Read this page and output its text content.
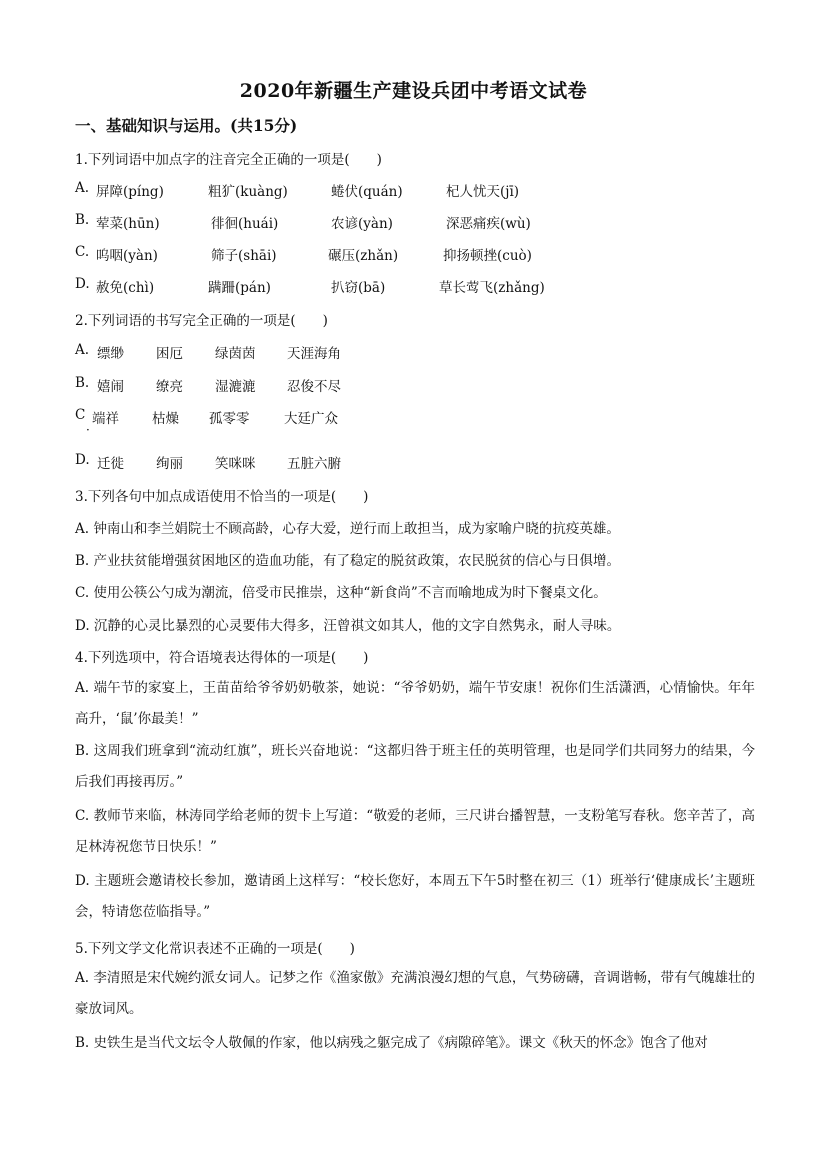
2020年新疆生产建设兵团中考语文试卷
一、基础知识与运用。(共15分)
1.下列词语中加点字的注音完全正确的一项是(　　)
A. 屏障(píng)	粗犷(kuàng)	蜷伏(quán)	杞人忧天(jī)
B. 荤菜(hūn)	徘徊(huái)	农谚(yàn)	深恶痛疾(wù)
C. 呜咽(yàn)	筛子(shāi)	碾压(zhǎn)	抑扬顿挫(cuò)
D. 赦免(chì)	蹒跚(pán)	扒窃(bā)	草长莺飞(zhǎng)
2.下列词语的书写完全正确的一项是(　　)
A. 缥缈 困厄 绿茵茵 天涯海角
B. 嬉闹 缭亮 湿漉漉 忍俊不尽
C 端祥 枯燥 孤零零	大廷广众
·
D. 迁徙 绚丽 笑咪咪 五脏六腑
3.下列各句中加点成语使用不恰当的一项是(　　)
A. 钟南山和李兰娟院士不顾高龄，心存大爱，逆行而上敢担当，成为家喻户晓的抗疫英雄。
B. 产业扶贫能增强贫困地区的造血功能，有了稳定的脱贫政策，农民脱贫的信心与日俱增。
C. 使用公筷公勺成为潮流，倍受市民推崇，这种“新食尚”不言而喻地成为时下餐桌文化。
D. 沉静的心灵比暴烈的心灵要伟大得多，汪曾祺文如其人，他的文字自然隽永，耐人寻味。
4.下列选项中，符合语境表达得体的一项是(　　)
A. 端午节的家宴上，王苗苗给爷爷奶奶敬茶，她说：“爷爷奶奶，端午节安康！祝你们生活潇洒，心情愉快。年年高升，‘鼠’你最美！”
B. 这周我们班拿到“流动红旗”，班长兴奋地说：“这都归咎于班主任的英明管理，也是同学们共同努力的结果，今后我们再接再厉。”
C. 教师节来临，林涛同学给老师的贺卡上写道：“敬爱的老师，三尺讲台播智慧，一支粉笔写春秋。您辛苦了，高足林涛祝您节日快乐！”
D. 主题班会邀请校长参加，邀请函上这样写：“校长您好，本周五下午5时整在初三（1）班举行‘健康成长’主题班会，特请您莅临指导。”
5.下列文学文化常识表述不正确的一项是(　　)
A. 李清照是宋代婉约派女词人。记梦之作《渔家傲》充满浪漫幻想的气息，气势磅礴，音调谐畅，带有气魄雄壮的豪放词风。
B. 史铁生是当代文坛令人敬佩的作家，他以病残之躯完成了《病隙碎笔》。课文《秋天的怀念》饱含了他对
